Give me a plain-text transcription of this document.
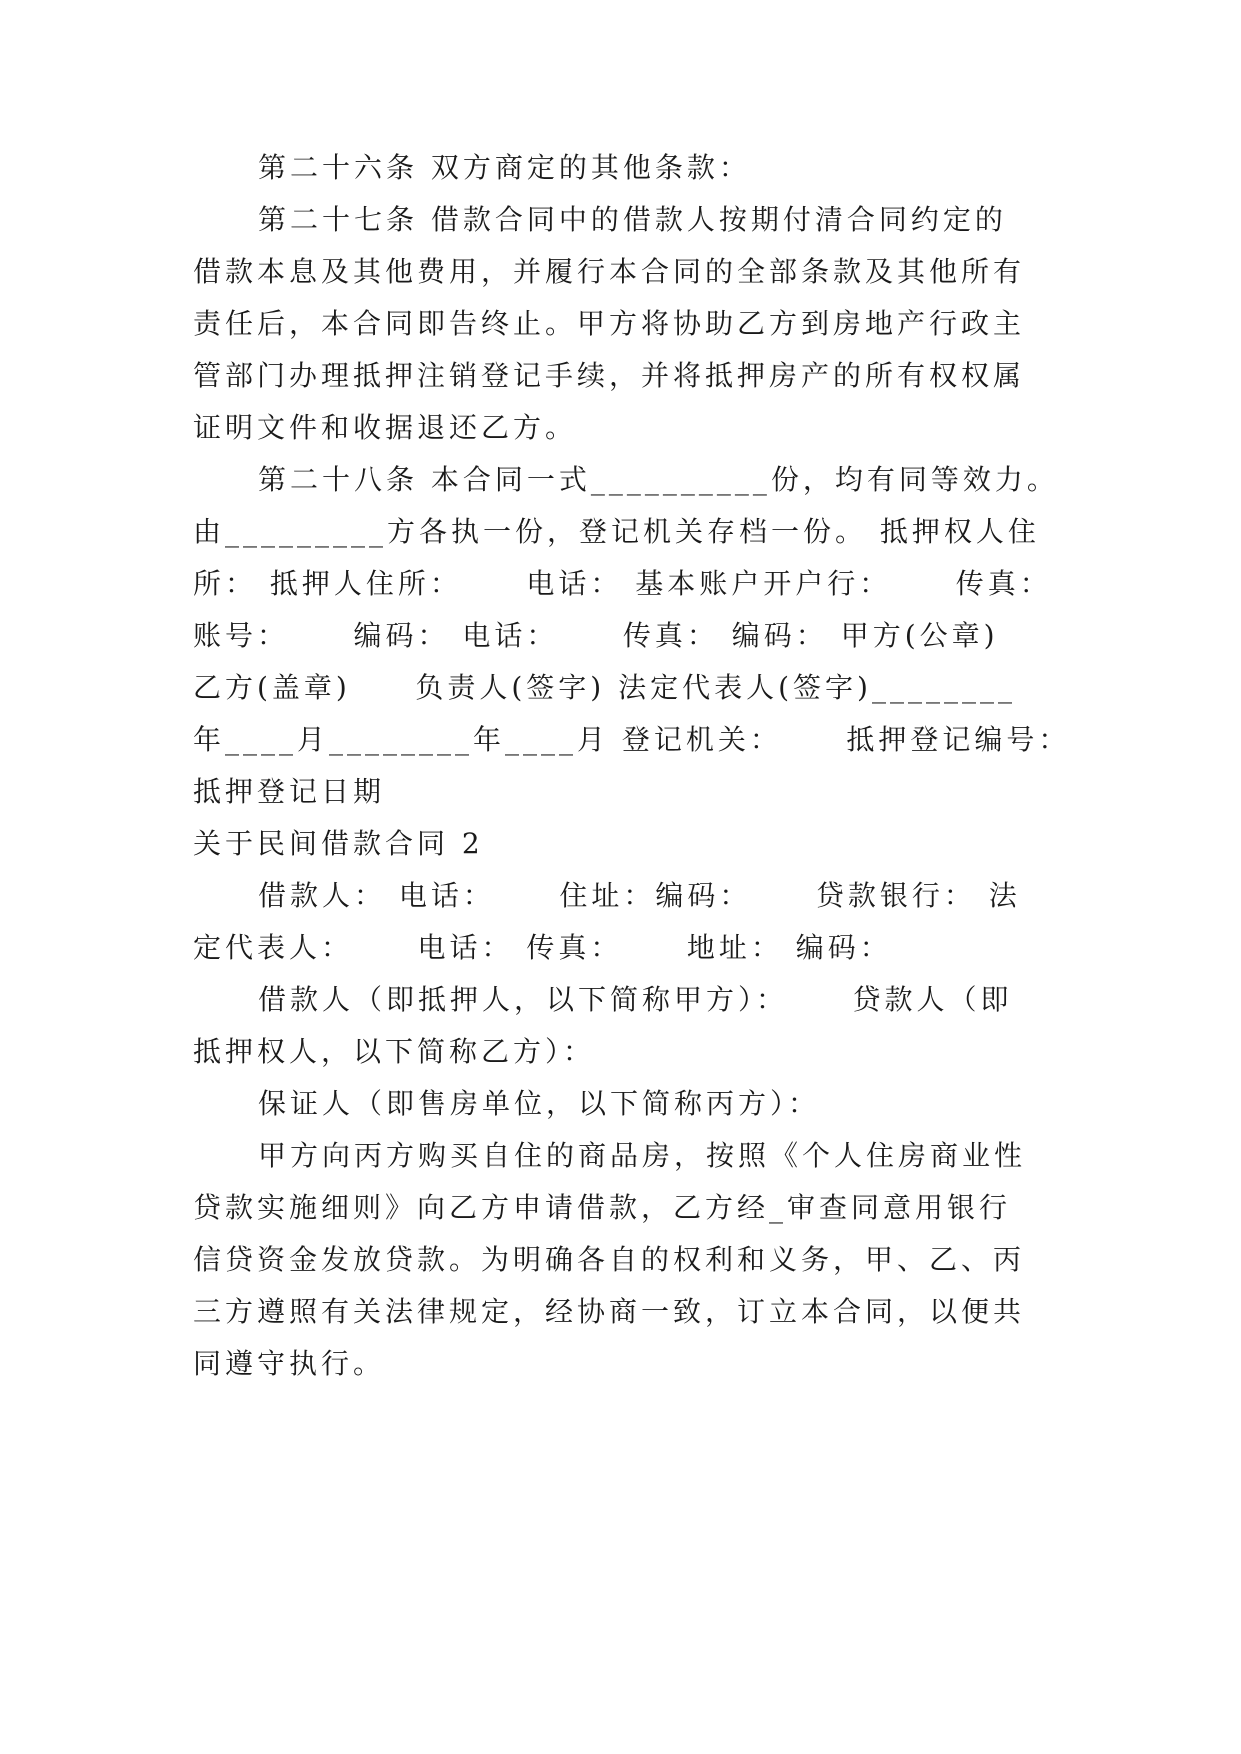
第二十六条 双方商定的其他条款：
第二十七条 借款合同中的借款人按期付清合同约定的
借款本息及其他费用，并履行本合同的全部条款及其他所有
责任后，本合同即告终止。甲方将协助乙方到房地产行政主
管部门办理抵押注销登记手续，并将抵押房产的所有权权属
证明文件和收据退还乙方。
第二十八条 本合同一式__________份，均有同等效力。
由_________方各执一份，登记机关存档一份。 抵押权人住
所： 抵押人住所：     电话： 基本账户开户行：     传真：
账号：     编码： 电话：     传真： 编码： 甲方(公章)
乙方(盖章)     负责人(签字) 法定代表人(签字)________
年____月________年____月 登记机关：     抵押登记编号：
抵押登记日期
关于民间借款合同 2
借款人： 电话：     住址：编码：     贷款银行： 法
定代表人：     电话： 传真：     地址： 编码：
借款人（即抵押人，以下简称甲方）：     贷款人（即
抵押权人，以下简称乙方）：
保证人（即售房单位，以下简称丙方）：
甲方向丙方购买自住的商品房，按照《个人住房商业性
贷款实施细则》向乙方申请借款，乙方经_审查同意用银行
信贷资金发放贷款。为明确各自的权利和义务，甲、乙、丙
三方遵照有关法律规定，经协商一致，订立本合同，以便共
同遵守执行。
